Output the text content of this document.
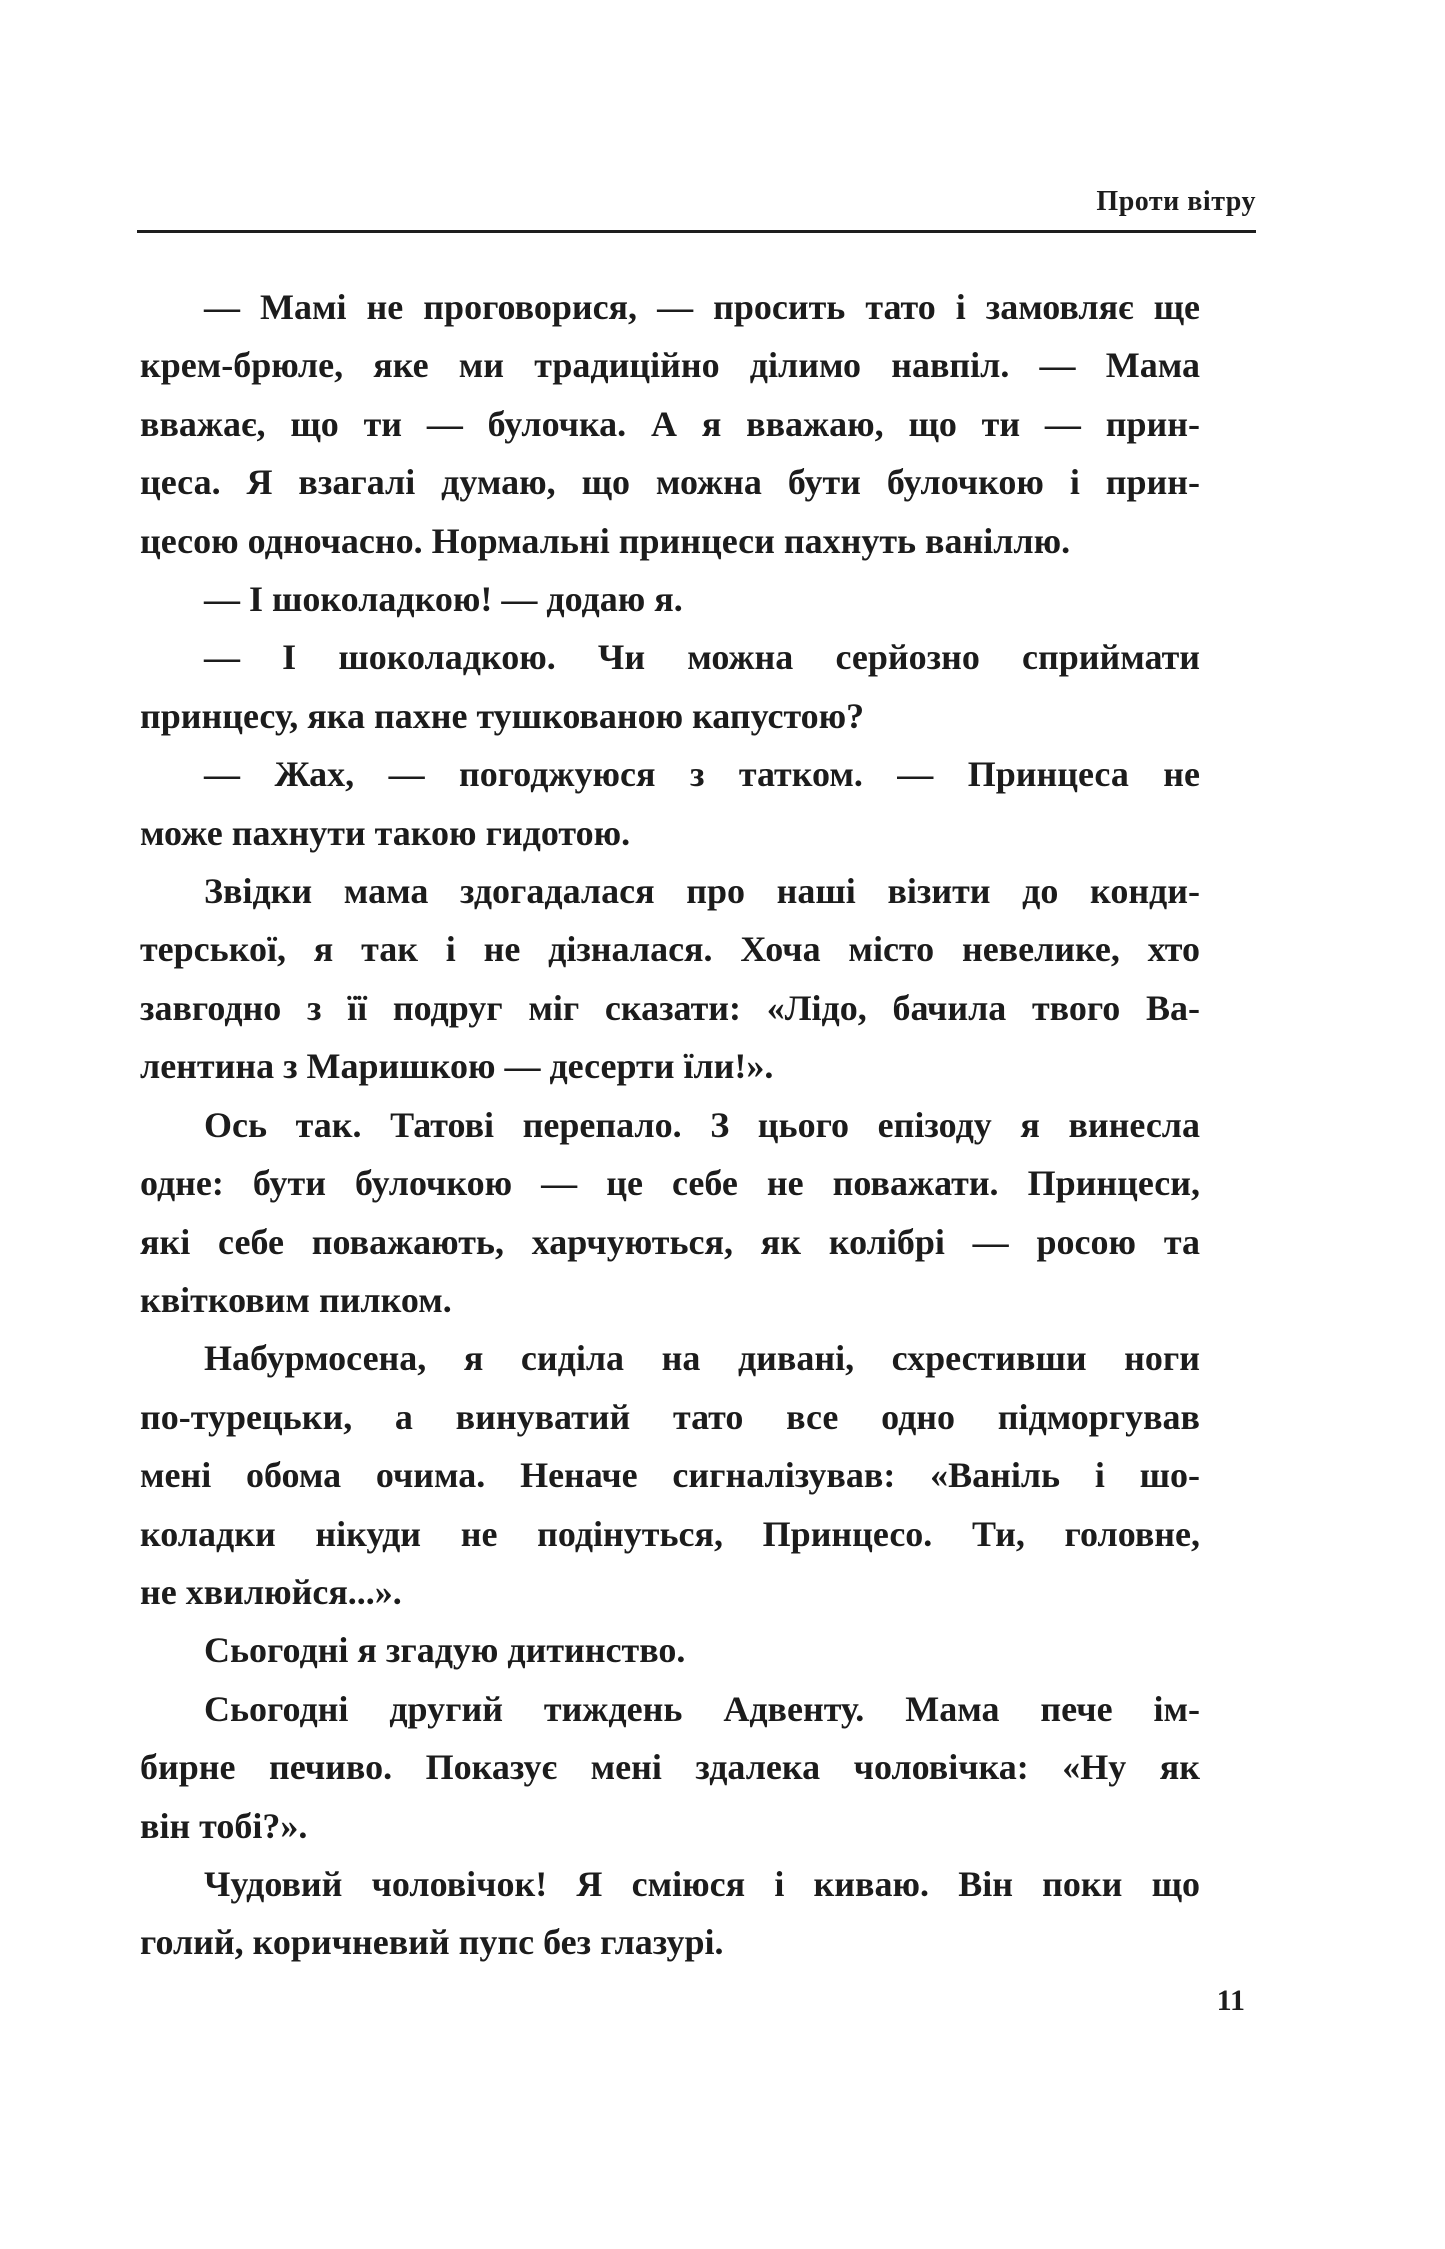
Проти вітру
— Мамі не проговорися, — просить тато і замовляє ще
крем-брюле, яке ми традиційно ділимо навпіл. — Мама
вважає, що ти — булочка. А я вважаю, що ти — прин-
цеса. Я взагалі думаю, що можна бути булочкою і прин-
цесою одночасно. Нормальні принцеси пахнуть ваніллю.
— І шоколадкою! — додаю я.
— І шоколадкою. Чи можна серйозно сприймати
принцесу, яка пахне тушкованою капустою?
— Жах, — погоджуюся з татком. — Принцеса не
може пахнути такою гидотою.
Звідки мама здогадалася про наші візити до конди-
терської, я так і не дізналася. Хоча місто невелике, хто
завгодно з її подруг міг сказати: «Лідо, бачила твого Ва-
лентина з Маришкою — десерти їли!».
Ось так. Татові перепало. З цього епізоду я винесла
одне: бути булочкою — це себе не поважати. Принцеси,
які себе поважають, харчуються, як колібрі — росою та
квітковим пилком.
Набурмосена, я сиділа на дивані, схрестивши ноги
по-турецьки, а винуватий тато все одно підморгував
мені обома очима. Неначе сигналізував: «Ваніль і шо-
коладки нікуди не подінуться, Принцесо. Ти, головне,
не хвилюйся...».
Сьогодні я згадую дитинство.
Сьогодні другий тиждень Адвенту. Мама пече ім-
бирне печиво. Показує мені здалека чоловічка: «Ну як
він тобі?».
Чудовий чоловічок! Я сміюся і киваю. Він поки що
голий, коричневий пупс без глазурі.
11
